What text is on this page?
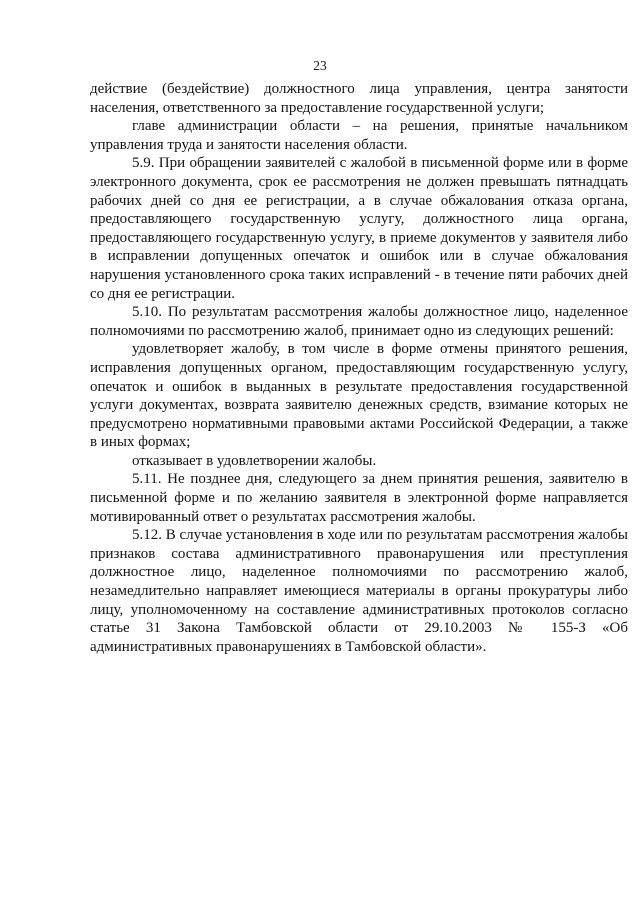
23

действие (бездействие) должностного лица управления, центра занятости населения, ответственного за предоставление государственной услуги;

главе администрации области – на решения, принятые начальником управления труда и занятости населения области.

5.9. При обращении заявителей с жалобой в письменной форме или в форме электронного документа, срок ее рассмотрения не должен превышать пятнадцать рабочих дней со дня ее регистрации, а в случае обжалования отказа органа, предоставляющего государственную услугу, должностного лица органа, предоставляющего государственную услугу, в приеме документов у заявителя либо в исправлении допущенных опечаток и ошибок или в случае обжалования нарушения установленного срока таких исправлений - в течение пяти рабочих дней со дня ее регистрации.

5.10. По результатам рассмотрения жалобы должностное лицо, наделенное полномочиями по рассмотрению жалоб, принимает одно из следующих решений:

удовлетворяет жалобу, в том числе в форме отмены принятого решения, исправления допущенных органом, предоставляющим государственную услугу, опечаток и ошибок в выданных в результате предоставления государственной услуги документах, возврата заявителю денежных средств, взимание которых не предусмотрено нормативными правовыми актами Российской Федерации, а также в иных формах;

отказывает в удовлетворении жалобы.

5.11. Не позднее дня, следующего за днем принятия решения, заявителю в письменной форме и по желанию заявителя в электронной форме направляется мотивированный ответ о результатах рассмотрения жалобы.

5.12. В случае установления в ходе или по результатам рассмотрения жалобы признаков состава административного правонарушения или преступления должностное лицо, наделенное полномочиями по рассмотрению жалоб, незамедлительно направляет имеющиеся материалы в органы прокуратуры либо лицу, уполномоченному на составление административных протоколов согласно статье 31 Закона Тамбовской области от 29.10.2003 № 155-З «Об административных правонарушениях в Тамбовской области».
